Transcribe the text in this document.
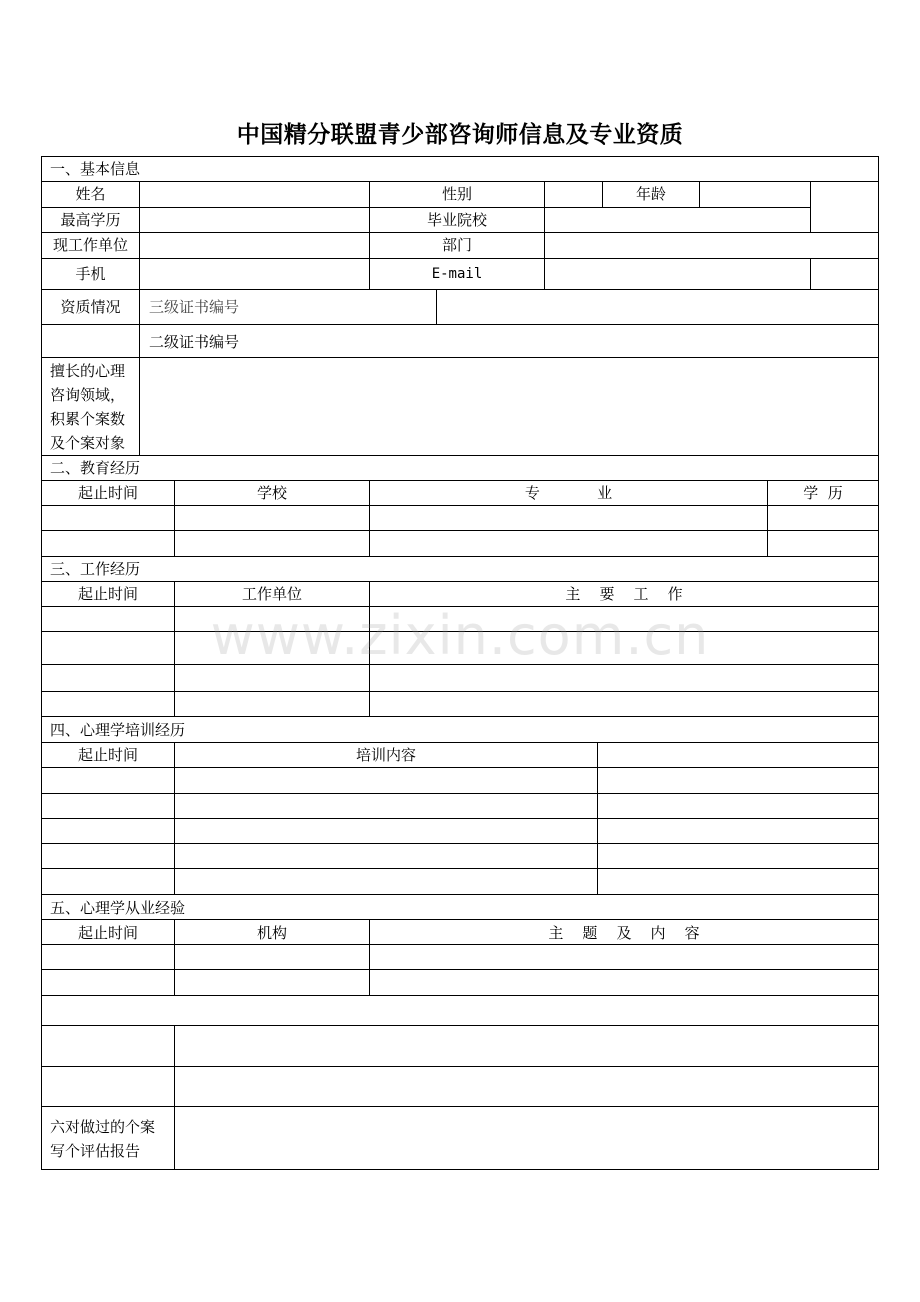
中国精分联盟青少部咨询师信息及专业资质
一、基本信息
姓名	性别	年龄
最高学历	毕业院校
现工作单位	部门
手机	E-mail
资质情况	三级证书编号
二级证书编号
擅长的心理
咨询领域，
积累个案数
及个案对象
二、教育经历
起止时间	学校	专            业	学  历
三、工作经历
起止时间	工作单位	主    要    工    作
四、心理学培训经历
起止时间	培训内容
五、心理学从业经验
起止时间	机构	主    题    及    内    容
六对做过的个案
写个评估报告
www.zixin.com.cn
